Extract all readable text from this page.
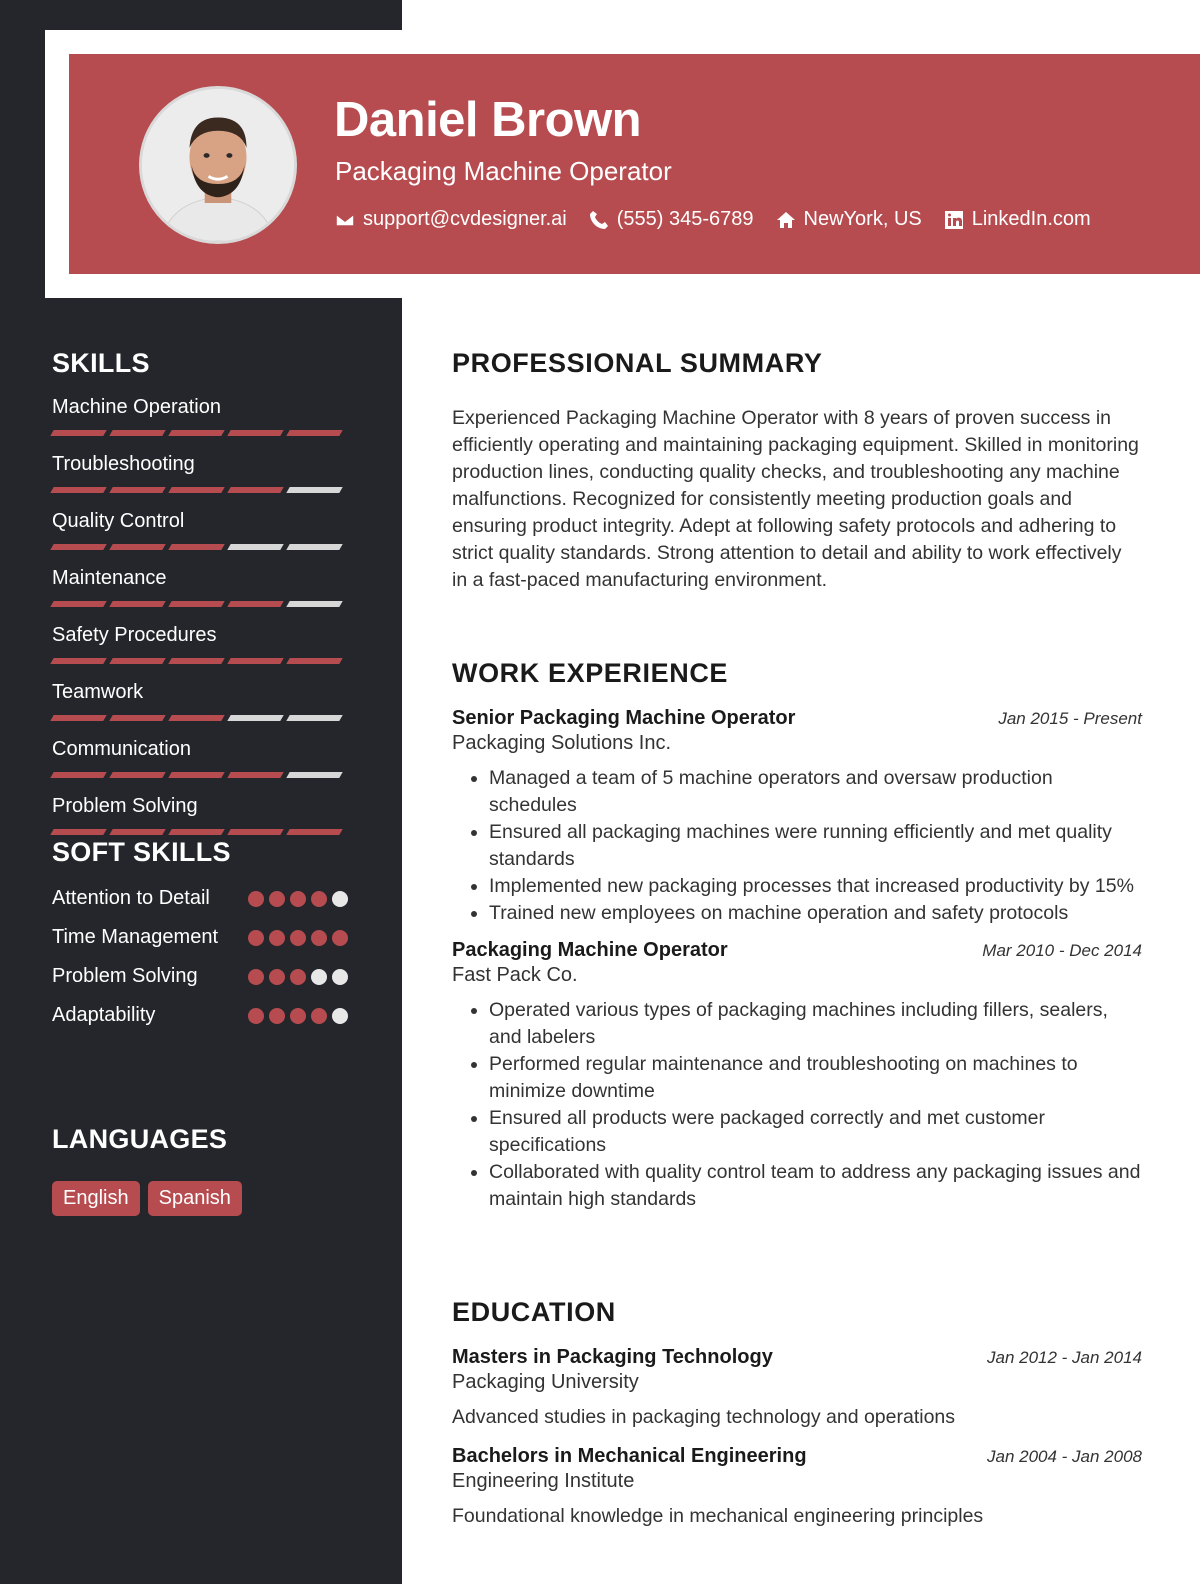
Daniel Brown
Packaging Machine Operator
support@cvdesigner.ai	(555) 345-6789	NewYork, US	LinkedIn.com
SKILLS
Machine Operation
Troubleshooting
Quality Control
Maintenance
Safety Procedures
Teamwork
Communication
Problem Solving
SOFT SKILLS
Attention to Detail
Time Management
Problem Solving
Adaptability
LANGUAGES
English	Spanish
PROFESSIONAL SUMMARY

Experienced Packaging Machine Operator with 8 years of proven success in efficiently operating and maintaining packaging equipment. Skilled in monitoring production lines, conducting quality checks, and troubleshooting any machine malfunctions. Recognized for consistently meeting production goals and ensuring product integrity. Adept at following safety protocols and adhering to strict quality standards. Strong attention to detail and ability to work effectively in a fast-paced manufacturing environment.

WORK EXPERIENCE
Senior Packaging Machine Operator	Jan 2015 - Present
Packaging Solutions Inc.
• Managed a team of 5 machine operators and oversaw production schedules
• Ensured all packaging machines were running efficiently and met quality standards
• Implemented new packaging processes that increased productivity by 15%
• Trained new employees on machine operation and safety protocols
Packaging Machine Operator	Mar 2010 - Dec 2014
Fast Pack Co.
• Operated various types of packaging machines including fillers, sealers, and labelers
• Performed regular maintenance and troubleshooting on machines to minimize downtime
• Ensured all products were packaged correctly and met customer specifications
• Collaborated with quality control team to address any packaging issues and maintain high standards
EDUCATION
Masters in Packaging Technology	Jan 2012 - Jan 2014
Packaging University
Advanced studies in packaging technology and operations
Bachelors in Mechanical Engineering	Jan 2004 - Jan 2008
Engineering Institute
Foundational knowledge in mechanical engineering principles
